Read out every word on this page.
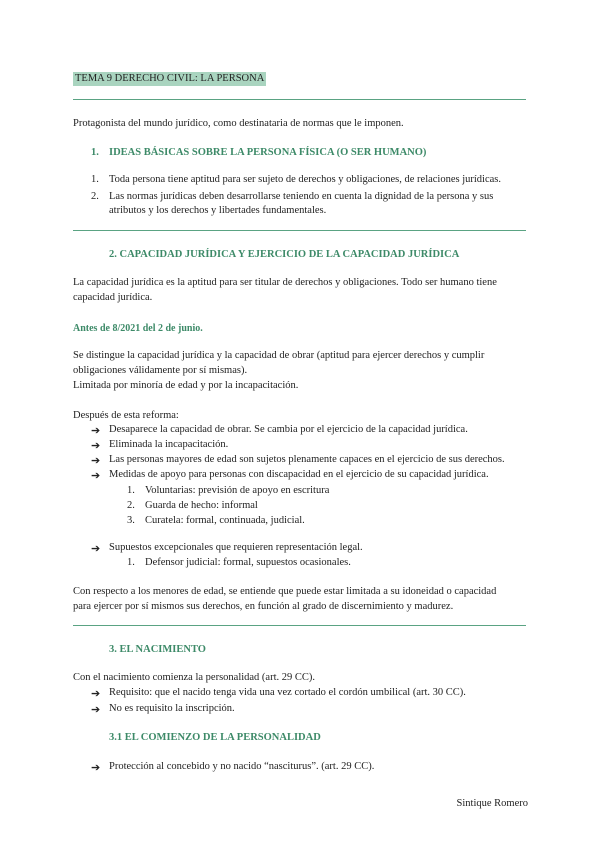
TEMA 9 DERECHO CIVIL: LA PERSONA
Protagonista del mundo jurídico, como destinataria de normas que le imponen.
1. IDEAS BÁSICAS SOBRE LA PERSONA FÍSICA (O SER HUMANO)
1. Toda persona tiene aptitud para ser sujeto de derechos y obligaciones, de relaciones jurídicas.
2. Las normas jurídicas deben desarrollarse teniendo en cuenta la dignidad de la persona y sus
atributos y los derechos y libertades fundamentales.
2. CAPACIDAD JURÍDICA Y EJERCICIO DE LA CAPACIDAD JURÍDICA
La capacidad jurídica es la aptitud para ser titular de derechos y obligaciones. Todo ser humano tiene
capacidad jurídica.
Antes de 8/2021 del 2 de junio.
Se distingue la capacidad jurídica y la capacidad de obrar (aptitud para ejercer derechos y cumplir
obligaciones válidamente por sí mismas).
Limitada por minoría de edad y por la incapacitación.
Después de esta reforma:
➔ Desaparece la capacidad de obrar. Se cambia por el ejercicio de la capacidad jurídica.
➔ Eliminada la incapacitación.
➔ Las personas mayores de edad son sujetos plenamente capaces en el ejercicio de sus derechos.
➔ Medidas de apoyo para personas con discapacidad en el ejercicio de su capacidad jurídica.
1. Voluntarias: previsión de apoyo en escritura
2. Guarda de hecho: informal
3. Curatela: formal, continuada, judicial.
➔ Supuestos excepcionales que requieren representación legal.
1. Defensor judicial: formal, supuestos ocasionales.
Con respecto a los menores de edad, se entiende que puede estar limitada a su idoneidad o capacidad
para ejercer por sí mismos sus derechos, en función al grado de discernimiento y madurez.
3. EL NACIMIENTO
Con el nacimiento comienza la personalidad (art. 29 CC).
➔ Requisito: que el nacido tenga vida una vez cortado el cordón umbilical (art. 30 CC).
➔ No es requisito la inscripción.
3.1 EL COMIENZO DE LA PERSONALIDAD
➔ Protección al concebido y no nacido “nasciturus”. (art. 29 CC).
Sintique Romero
